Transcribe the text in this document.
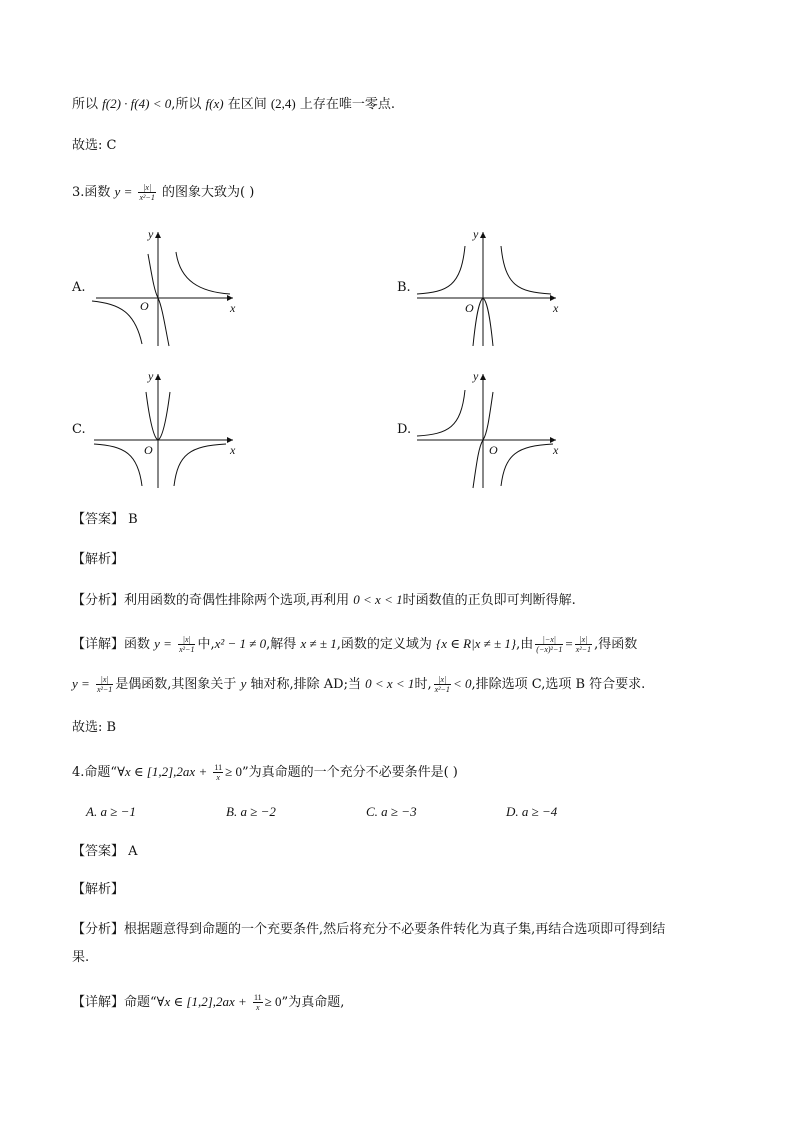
所以 f(2) · f(4) < 0,所以 f(x) 在区间 (2,4) 上存在唯一零点.
故选: C
3.函数 $y = \frac{|x|}{\text{x²−1}}$ 的图象大致为( )
A.	B.
C.	D.
y
x
O
y
x
O
y
x
O
y
x
O
【答案】 B
【解析】
【分析】利用函数的奇偶性排除两个选项,再利用 0 < x < 1时函数值的正负即可判断得解.
【详解】函数 $y = \frac{|x|}{\text{x²−1}}$ 中,x² − 1 ≠ 0,解得 x ≠ ± 1,函数的定义域为 {x ∈ R|x ≠ ± 1},由 $\frac{|-x|}{\text{(−x)²−1}} = \frac{|x|}{\text{x²−1}}$ ,得函数
$y = \frac{|x|}{\text{x²−1}}$ 是偶函数,其图象关于 y 轴对称,排除 AD;当 0 < x < 1时, $\frac{|x|}{\text{x²−1}} < 0$,排除选项 C,选项 B 符合要求.
故选: B
4.命题“∀x ∈ $[1,2],2ax + \frac{11}{x} \ge 0$”为真命题的一个充分不必要条件是( )
A. a ≥ −1	B. a ≥ −2	C. a ≥ −3	D. a ≥ −4
【答案】 A
【解析】
【分析】根据题意得到命题的一个充要条件,然后将充分不必要条件转化为真子集,再结合选项即可得到结
果.
【详解】命题“∀x ∈ $[1,2],2ax + \frac{11}{x} \ge 0$”为真命题,
